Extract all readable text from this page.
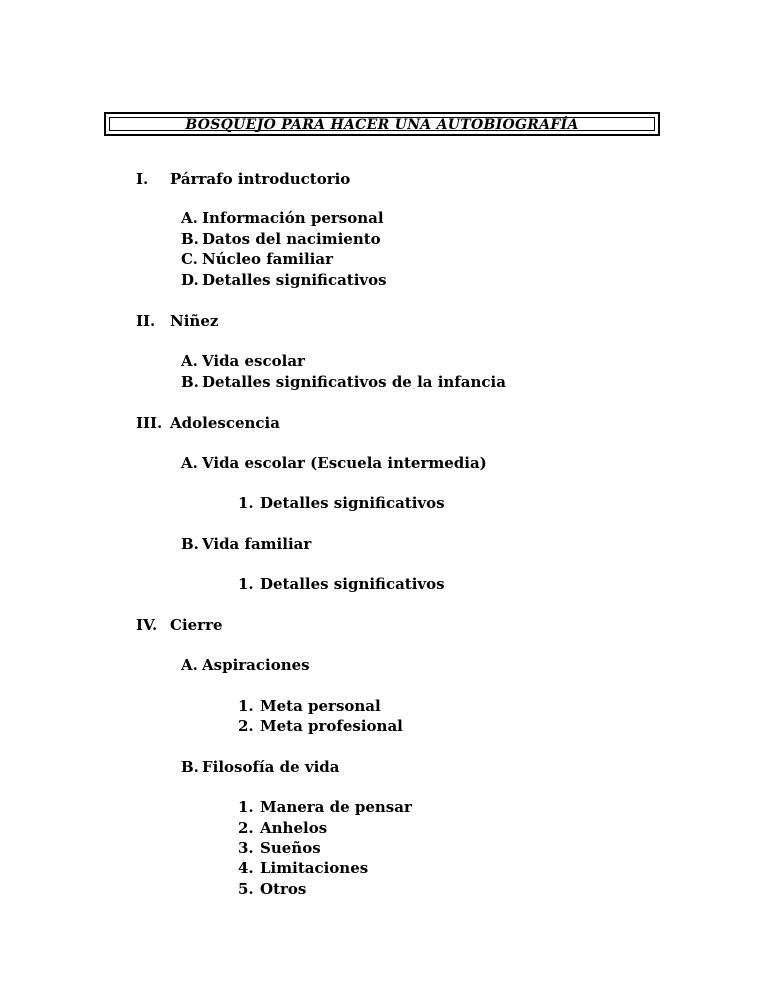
BOSQUEJO PARA HACER UNA AUTOBIOGRAFÍA
I. Párrafo introductorio
A. Información personal
B. Datos del nacimiento
C. Núcleo familiar
D. Detalles significativos
II. Niñez
A. Vida escolar
B. Detalles significativos de la infancia
III. Adolescencia
A. Vida escolar (Escuela intermedia)
1. Detalles significativos
B. Vida familiar
1. Detalles significativos
IV. Cierre
A. Aspiraciones
1. Meta personal
2. Meta profesional
B. Filosofía de vida
1. Manera de pensar
2. Anhelos
3. Sueños
4. Limitaciones
5. Otros
